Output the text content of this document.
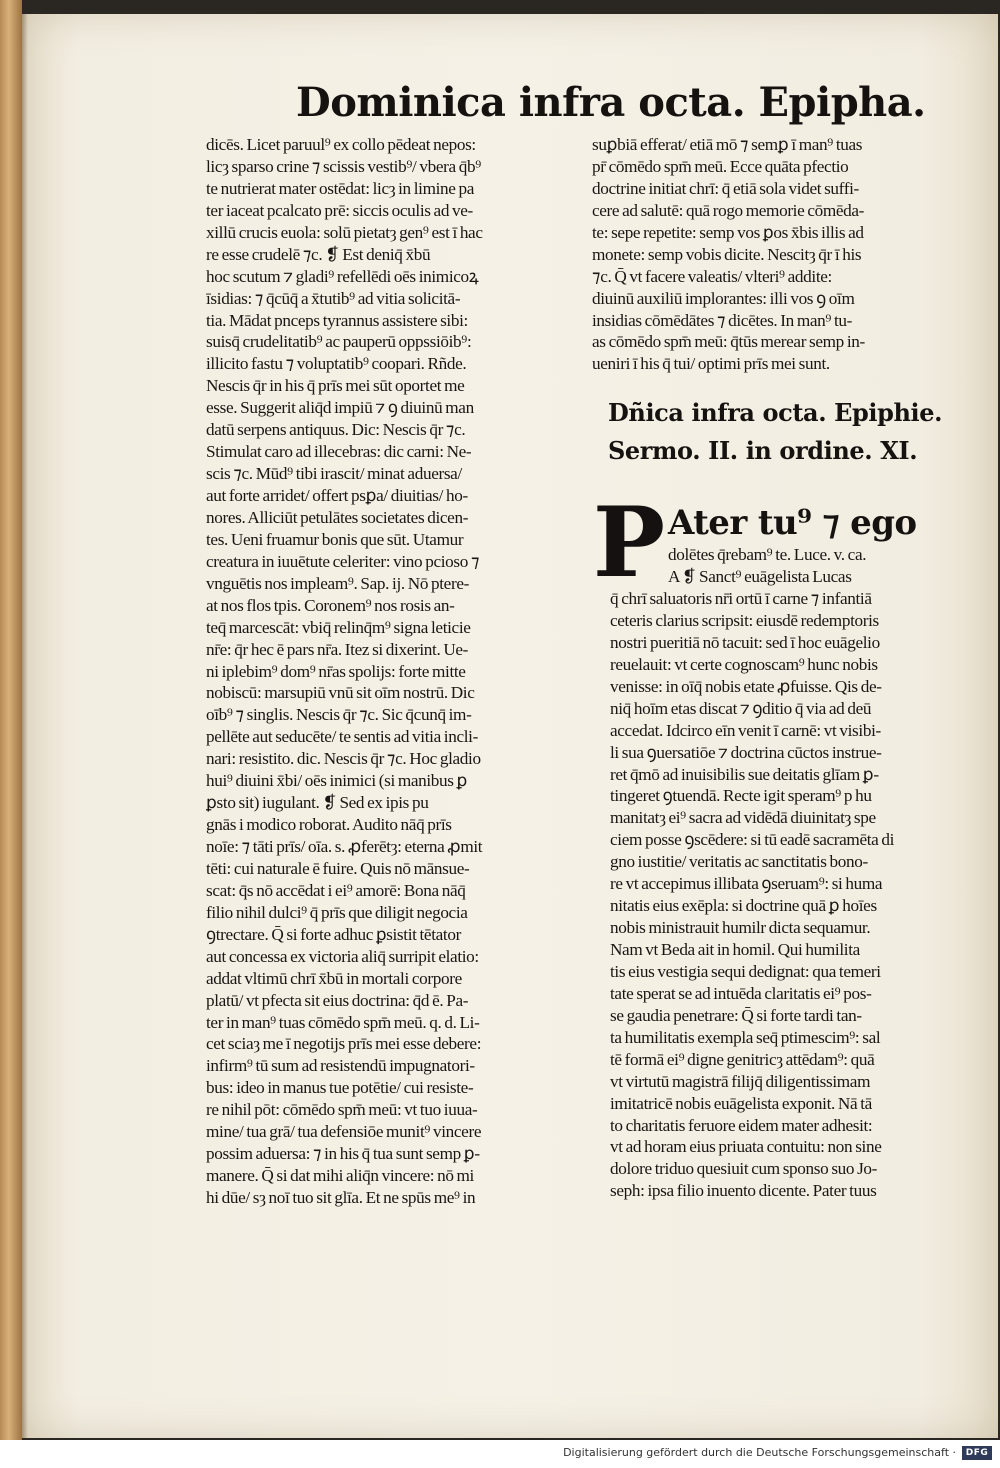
Dominica infra octa. Epipha.
dicēs. Licet paruul⁹ ex collo pēdeat nepos:
licȝ sparso crine ⁊ scissis vestib⁹/ vbera q̄b⁹
te nutrierat mater ostēdat: licȝ in limine pa
ter iaceat pcalcato prē: siccis oculis ad ve-
xillū crucis euola: solū pietatȝ gen⁹ est ī hac
re esse crudelē ⁊c. ❡ Est deniq̄ x̄bū
hoc scutum ⁊ gladi⁹ refellēdi oēs inimicoꝝ
īsidias: ⁊ q̄cūq̄ a x̄tutib⁹ ad vitia solicitā-
tia. Mādat pnceps tyrannus assistere sibi:
suisq̄ crudelitatib⁹ ac pauperū oppssiōib⁹:
illicito fastu ⁊ voluptatib⁹ coopari. Rñde.
Nescis q̄r in his q̄ prīs mei sūt oportet me
esse. Suggerit aliq̄d impiū ⁊ ꝯ diuinū man
datū serpens antiquus. Dic: Nescis q̄r ⁊c.
Stimulat caro ad illecebras: dic carni: Ne-
scis ⁊c. Mūd⁹ tibi irascit/ minat aduersa/
aut forte arridet/ offert psꝑa/ diuitias/ ho-
nores. Alliciūt petulātes societates dicen-
tes. Ueni fruamur bonis que sūt. Utamur
creatura in iuuētute celeriter: vino pcioso ⁊
vnguētis nos impleam⁹. Sap. ij. Nō ptere-
at nos flos tpis. Coronem⁹ nos rosis an-
teq̄ marcescāt: vbiq̄ relinq̄m⁹ signa leticie
nr̄e: q̄r hec ē pars nr̄a. Itez si dixerint. Ue-
ni iplebim⁹ dom⁹ nr̄as spolijs: forte mitte
nobiscū: marsupiū vnū sit oīm nostrū. Dic
oīb⁹ ⁊ singlis. Nescis q̄r ⁊c. Sic q̄cunq̄ im-
pellēte aut seducēte/ te sentis ad vitia incli-
nari: resistito. dic. Nescis q̄r ⁊c. Hoc gladio
hui⁹ diuini x̄bi/ oēs inimici (si manibus ꝑ
ꝑsto sit) iugulant. ❡ Sed ex ipis pu
gnās i modico roborat. Audito nāq̄ prīs
noīe: ⁊ tāti prīs/ oīa. s. ꝓferētȝ: eterna ꝓmit
tēti: cui naturale ē fuire. Quis nō mānsue-
scat: q̄s nō accēdat i ei⁹ amorē: Bona nāq̄
filio nihil dulci⁹ q̄ prīs que diligit negocia
ꝯtrectare. Q̄ si forte adhuc ꝑsistit tētator
aut concessa ex victoria aliq̄ surripit elatio:
addat vltimū chrī x̄bū in mortali corpore
platū/ vt pfecta sit eius doctrina: q̄d ē. Pa-
ter in man⁹ tuas cōmēdo spm̄ meū. q. d. Li-
cet sciaȝ me ī negotijs prīs mei esse debere:
infirm⁹ tū sum ad resistendū impugnatori-
bus: ideo in manus tue potētie/ cui resiste-
re nihil pōt: cōmēdo spm̄ meū: vt tuo iuua-
mine/ tua grā/ tua defensiōe munit⁹ vincere
possim aduersa: ⁊ in his q̄ tua sunt semp ꝑ-
manere. Q̄ si dat mihi aliq̄n vincere: nō mi
hi dūe/ sȝ noī tuo sit glīa. Et ne spūs me⁹ in
suꝑbiā efferat/ etiā mō ⁊ semꝑ ī man⁹ tuas
pr̄ cōmēdo spm̄ meū. Ecce quāta pfectio
doctrine initiat chrī: q̄ etiā sola videt suffi-
cere ad salutē: quā rogo memorie cōmēda-
te: sepe repetite: semp vos ꝑos x̄bis illis ad
monete: semp vobis dicite. Nescitȝ q̄r ī his
⁊c. Q̄ vt facere valeatis/ vlteri⁹ addite:
diuinū auxiliū implorantes: illi vos ꝯ oīm
insidias cōmēdātes ⁊ dicētes. In man⁹ tu-
as cōmēdo spm̄ meū: q̄tūs merear semp in-
ueniri ī his q̄ tui/ optimi prīs mei sunt.
Dñica infra octa. Epiphie.
Sermo. II. in ordine. XI.
P Ater tu⁹ ⁊ ego
dolētes q̄rebam⁹ te. Luce. v. ca.
A ❡ Sanct⁹ euāgelista Lucas
q̄ chrī saluatoris nr̄i ortū ī carne ⁊ infantiā
ceteris clarius scripsit: eiusdē redemptoris
nostri pueritiā nō tacuit: sed ī hoc euāgelio
reuelauit: vt certe cognoscam⁹ hunc nobis
venisse: in oīq̄ nobis etate ꝓfuisse. Qis de-
niq̄ hoīm etas discat ⁊ ꝯditio q̄ via ad deū
accedat. Idcirco eīn venit ī carnē: vt visibi-
li sua ꝯuersatiōe ⁊ doctrina cūctos instrue-
ret q̄mō ad inuisibilis sue deitatis glīam ꝑ-
tingeret ꝯtuendā. Recte igit speram⁹ p hu
manitatȝ ei⁹ sacra ad vidēdā diuinitatȝ spe
ciem posse ꝯscēdere: si tū eadē sacramēta di
gno iustitie/ veritatis ac sanctitatis bono-
re vt accepimus illibata ꝯseruam⁹: si huma
nitatis eius exēpla: si doctrine quā ꝑ hoīes
nobis ministrauit humilr dicta sequamur.
Nam vt Beda ait in homil. Qui humilita
tis eius vestigia sequi dedignat: qua temeri
tate sperat se ad intuēda claritatis ei⁹ pos-
se gaudia penetrare: Q̄ si forte tardi tan-
ta humilitatis exempla seq̄ ptimescim⁹: sal
tē formā ei⁹ digne genitricȝ attēdam⁹: quā
vt virtutū magistrā filijq̄ diligentissimam
imitatricē nobis euāgelista exponit. Nā tā
to charitatis feruore eidem mater adhesit:
vt ad horam eius priuata contuitu: non sine
dolore triduo quesiuit cum sponso suo Jo-
seph: ipsa filio inuento dicente. Pater tuus
Digitalisierung gefördert durch die Deutsche Forschungsgemeinschaft ·	DFG
